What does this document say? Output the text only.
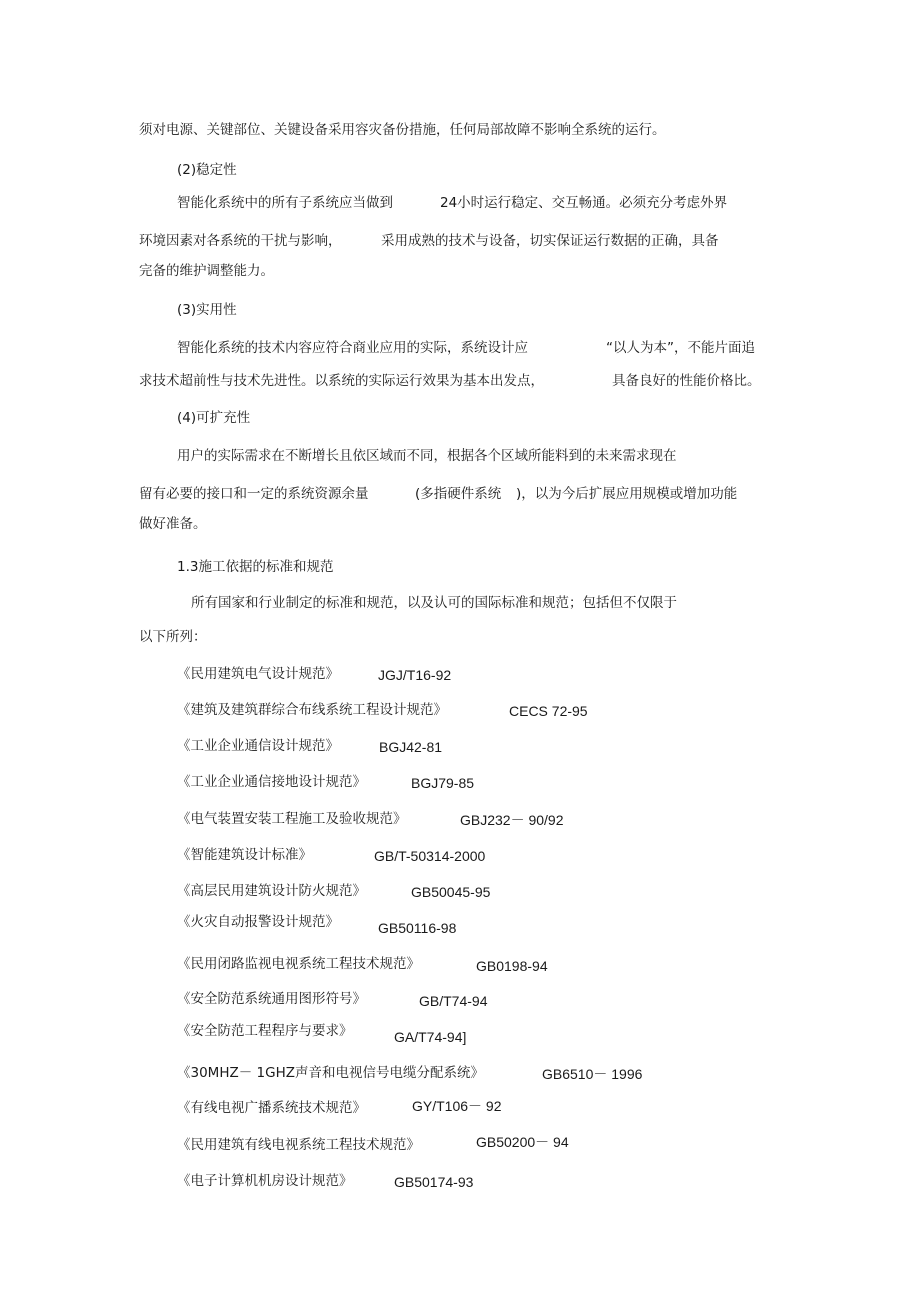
须对电源、关键部位、关键设备采用容灾备份措施，任何局部故障不影响全系统的运行。
(2)稳定性
智能化系统中的所有子系统应当做到	24小时运行稳定、交互畅通。必须充分考虑外界
环境因素对各系统的干扰与影响，	采用成熟的技术与设备，切实保证运行数据的正确，具备
完备的维护调整能力。
(3)实用性
智能化系统的技术内容应符合商业应用的实际，系统设计应	“以人为本”，不能片面追
求技术超前性与技术先进性。以系统的实际运行效果为基本出发点，	具备良好的性能价格比。
(4)可扩充性
用户的实际需求在不断增长且依区域而不同，根据各个区域所能料到的未来需求现在
留有必要的接口和一定的系统资源余量	(多指硬件系统 )，以为今后扩展应用规模或增加功能
做好准备。
1.3施工依据的标准和规范
所有国家和行业制定的标准和规范，以及认可的国际标准和规范；包括但不仅限于
以下所列：
《民用建筑电气设计规范》	JGJ/T16-92
《建筑及建筑群综合布线系统工程设计规范》	CECS 72-95
《工业企业通信设计规范》	BGJ42-81
《工业企业通信接地设计规范》	BGJ79-85
《电气装置安装工程施工及验收规范》	GBJ232－ 90/92
《智能建筑设计标准》	GB/T-50314-2000
《高层民用建筑设计防火规范》	GB50045-95
《火灾自动报警设计规范》	GB50116-98
《民用闭路监视电视系统工程技术规范》	GB0198-94
《安全防范系统通用图形符号》	GB/T74-94
《安全防范工程程序与要求》	GA/T74-94]
《30MHZ－ 1GHZ声音和电视信号电缆分配系统》	GB6510－ 1996
《有线电视广播系统技术规范》	GY/T106－ 92
《民用建筑有线电视系统工程技术规范》	GB50200－ 94
《电子计算机机房设计规范》	GB50174-93
